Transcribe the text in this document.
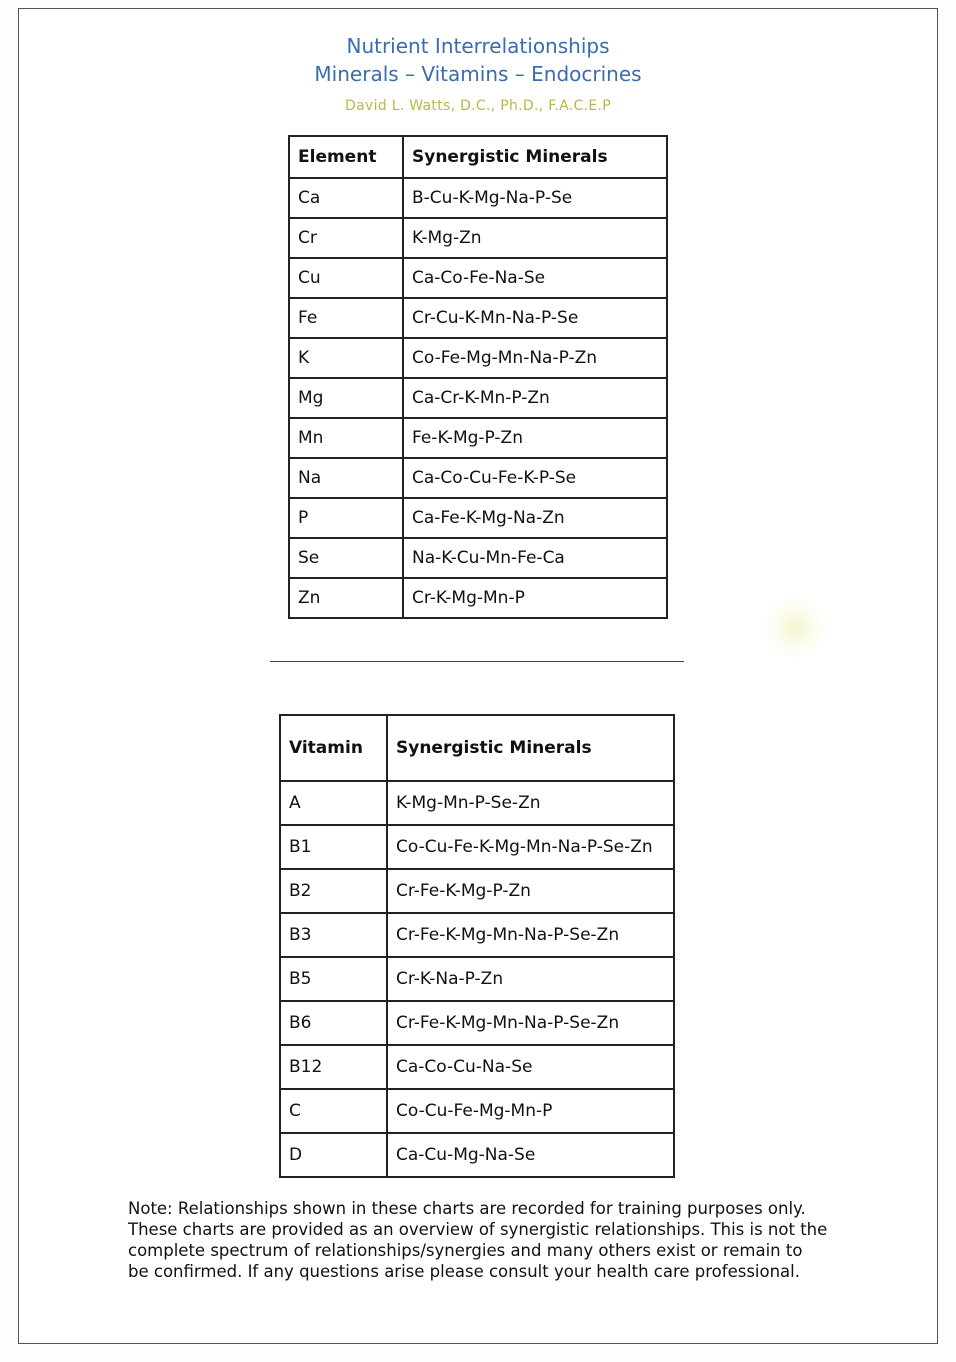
Nutrient Interrelationships
Minerals – Vitamins – Endocrines
David L. Watts, D.C., Ph.D., F.A.C.E.P
Element	Synergistic Minerals
Ca	B-Cu-K-Mg-Na-P-Se
Cr	K-Mg-Zn
Cu	Ca-Co-Fe-Na-Se
Fe	Cr-Cu-K-Mn-Na-P-Se
K	Co-Fe-Mg-Mn-Na-P-Zn
Mg	Ca-Cr-K-Mn-P-Zn
Mn	Fe-K-Mg-P-Zn
Na	Ca-Co-Cu-Fe-K-P-Se
P	Ca-Fe-K-Mg-Na-Zn
Se	Na-K-Cu-Mn-Fe-Ca
Zn	Cr-K-Mg-Mn-P
Vitamin	Synergistic Minerals
A	K-Mg-Mn-P-Se-Zn
B1	Co-Cu-Fe-K-Mg-Mn-Na-P-Se-Zn
B2	Cr-Fe-K-Mg-P-Zn
B3	Cr-Fe-K-Mg-Mn-Na-P-Se-Zn
B5	Cr-K-Na-P-Zn
B6	Cr-Fe-K-Mg-Mn-Na-P-Se-Zn
B12	Ca-Co-Cu-Na-Se
C	Co-Cu-Fe-Mg-Mn-P
D	Ca-Cu-Mg-Na-Se
Note: Relationships shown in these charts are recorded for training purposes only. These charts are provided as an overview of synergistic relationships. This is not the complete spectrum of relationships/synergies and many others exist or remain to be confirmed. If any questions arise please consult your health care professional.
